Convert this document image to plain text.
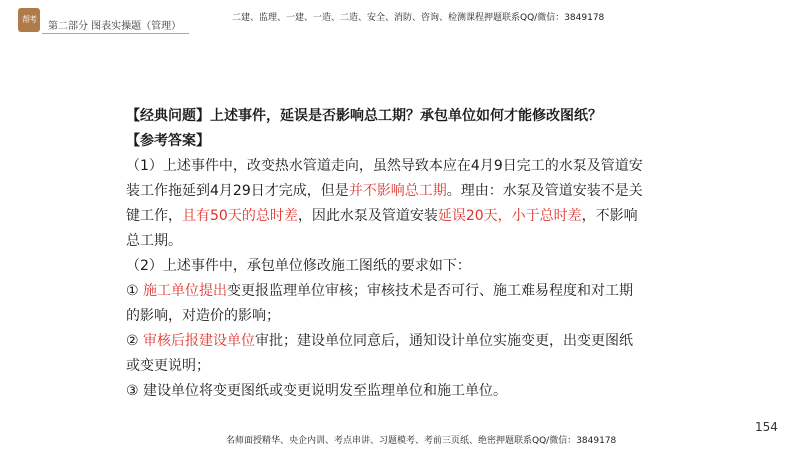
帮考
第二部分 图表实操题（管理）
二建、监理、一建、一造、二造、安全、消防、咨询、检测课程押题联系QQ/微信：3849178

【经典问题】上述事件，延误是否影响总工期？承包单位如何才能修改图纸？

【参考答案】

（1）上述事件中，改变热水管道走向，虽然导致本应在4月9日完工的水泵及管道安装工作拖延到4月29日才完成，但是并不影响总工期。理由：水泵及管道安装不是关键工作，且有50天的总时差，因此水泵及管道安装延误20天，小于总时差，不影响总工期。

（2）上述事件中，承包单位修改施工图纸的要求如下：

① 施工单位提出变更报监理单位审核；审核技术是否可行、施工难易程度和对工期的影响，对造价的影响；

② 审核后报建设单位审批；建设单位同意后，通知设计单位实施变更，出变更图纸或变更说明；

③ 建设单位将变更图纸或变更说明发至监理单位和施工单位。

154
名师面授精华、央企内训、考点串讲、习题模考、考前三页纸、绝密押题联系QQ/微信：3849178
